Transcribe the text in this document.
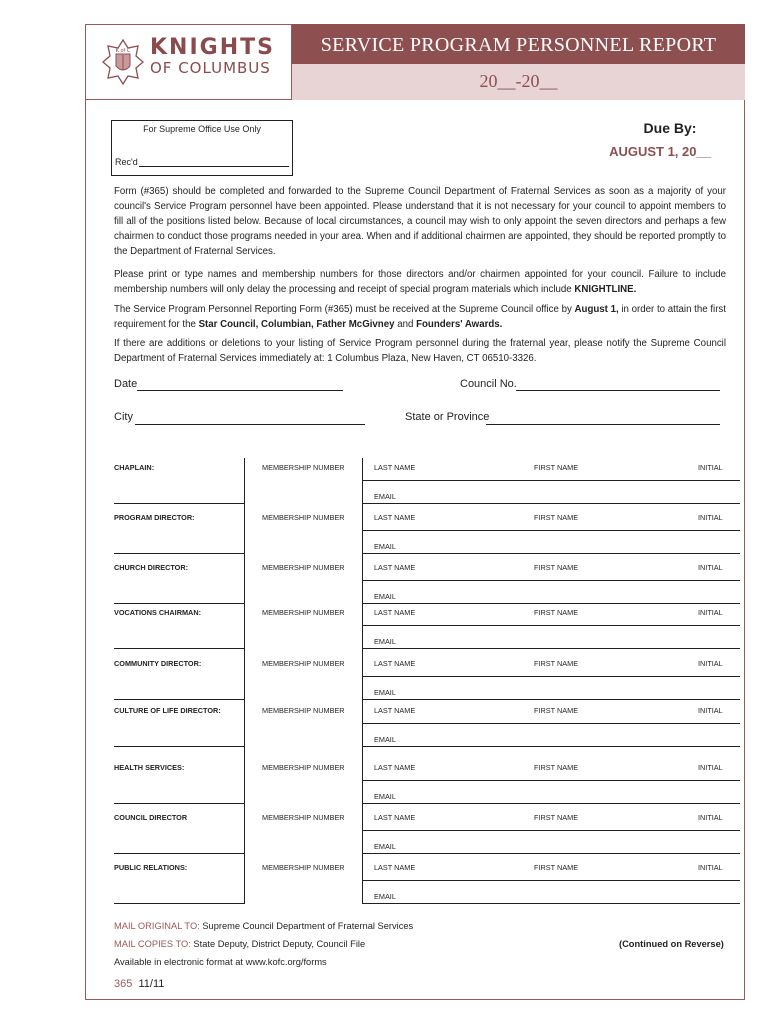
K of C KNIGHTS
OF COLUMBUS
SERVICE PROGRAM PERSONNEL REPORT
20__-20__
For Supreme Office Use Only
Rec'd
Due By:
AUGUST 1, 20__
Form (#365) should be completed and forwarded to the Supreme Council Department of Fraternal Services as soon as a majority of your council's Service Program personnel have been appointed. Please understand that it is not necessary for your council to appoint members to fill all of the positions listed below. Because of local circumstances, a council may wish to only appoint the seven directors and perhaps a few chairmen to conduct those programs needed in your area. When and if additional chairmen are appointed, they should be reported promptly to the Department of Fraternal Services.
Please print or type names and membership numbers for those directors and/or chairmen appointed for your council. Failure to include membership numbers will only delay the processing and receipt of special program materials which include KNIGHTLINE.
The Service Program Personnel Reporting Form (#365) must be received at the Supreme Council office by August 1, in order to attain the first requirement for the Star Council, Columbian, Father McGivney and Founders' Awards.
If there are additions or deletions to your listing of Service Program personnel during the fraternal year, please notify the Supreme Council Department of Fraternal Services immediately at: 1 Columbus Plaza, New Haven, CT 06510-3326.
Date	Council No.
City	State or Province
CHAPLAIN:	MEMBERSHIP NUMBER	LAST NAME	FIRST NAME	INITIAL
EMAIL
PROGRAM DIRECTOR:	MEMBERSHIP NUMBER	LAST NAME	FIRST NAME	INITIAL
EMAIL
CHURCH DIRECTOR:	MEMBERSHIP NUMBER	LAST NAME	FIRST NAME	INITIAL
EMAIL
VOCATIONS CHAIRMAN:	MEMBERSHIP NUMBER	LAST NAME	FIRST NAME	INITIAL
EMAIL
COMMUNITY DIRECTOR:	MEMBERSHIP NUMBER	LAST NAME	FIRST NAME	INITIAL
EMAIL
CULTURE OF LIFE DIRECTOR:	MEMBERSHIP NUMBER	LAST NAME	FIRST NAME	INITIAL
EMAIL
HEALTH SERVICES:	MEMBERSHIP NUMBER	LAST NAME	FIRST NAME	INITIAL
EMAIL
COUNCIL DIRECTOR	MEMBERSHIP NUMBER	LAST NAME	FIRST NAME	INITIAL
EMAIL
PUBLIC RELATIONS:	MEMBERSHIP NUMBER	LAST NAME	FIRST NAME	INITIAL
EMAIL
MAIL ORIGINAL TO: Supreme Council Department of Fraternal Services
MAIL COPIES TO: State Deputy, District Deputy, Council File
Available in electronic format at www.kofc.org/forms
(Continued on Reverse)
365 11/11
